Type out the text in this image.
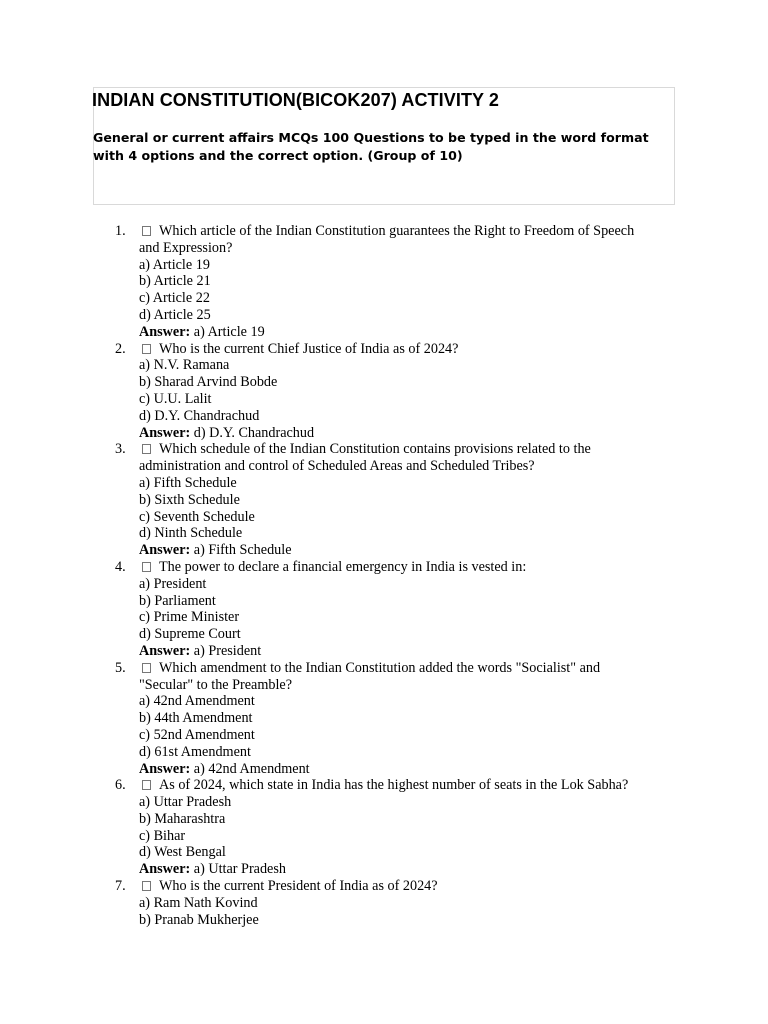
INDIAN CONSTITUTION(BICOK207) ACTIVITY 2
General or current affairs MCQs 100 Questions to be typed in the word format with 4 options and the correct option. (Group of 10)
1.	Which article of the Indian Constitution guarantees the Right to Freedom of Speech and Expression?
a) Article 19
b) Article 21
c) Article 22
d) Article 25
Answer: a) Article 19
2.	Who is the current Chief Justice of India as of 2024?
a) N.V. Ramana
b) Sharad Arvind Bobde
c) U.U. Lalit
d) D.Y. Chandrachud
Answer: d) D.Y. Chandrachud
3.	Which schedule of the Indian Constitution contains provisions related to the administration and control of Scheduled Areas and Scheduled Tribes?
a) Fifth Schedule
b) Sixth Schedule
c) Seventh Schedule
d) Ninth Schedule
Answer: a) Fifth Schedule
4.	The power to declare a financial emergency in India is vested in:
a) President
b) Parliament
c) Prime Minister
d) Supreme Court
Answer: a) President
5.	Which amendment to the Indian Constitution added the words "Socialist" and "Secular" to the Preamble?
a) 42nd Amendment
b) 44th Amendment
c) 52nd Amendment
d) 61st Amendment
Answer: a) 42nd Amendment
6.	As of 2024, which state in India has the highest number of seats in the Lok Sabha?
a) Uttar Pradesh
b) Maharashtra
c) Bihar
d) West Bengal
Answer: a) Uttar Pradesh
7.	Who is the current President of India as of 2024?
a) Ram Nath Kovind
b) Pranab Mukherjee
